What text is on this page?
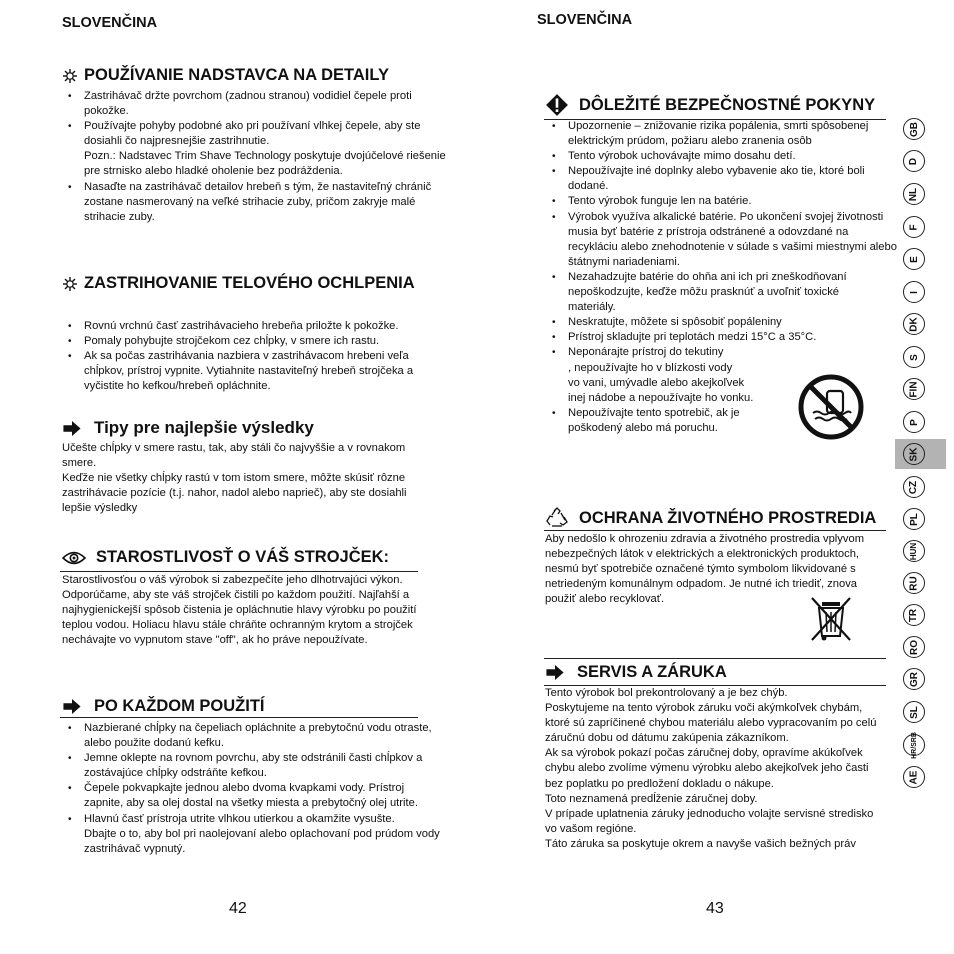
SLOVENČINA
POUŽÍVANIE NADSTAVCA NA DETAILY
• Zastrihávač držte povrchom (zadnou stranou) vodidiel čepele proti pokožke.
• Používajte pohyby podobné ako pri používaní vlhkej čepele, aby ste dosiahli čo najpresnejšie zastrihnutie.
Pozn.: Nadstavec Trim Shave Technology poskytuje dvojúčelové riešenie pre strnisko alebo hladké oholenie bez podráždenia.
• Nasaďte na zastrihávač detailov hrebeň s tým, že nastaviteľný chránič zostane nasmerovaný na veľké strihacie zuby, pričom zakryje malé strihacie zuby.
ZASTRIHOVANIE TELOVÉHO OCHLPENIA
• Rovnú vrchnú časť zastrihávacieho hrebeňa priložte k pokožke.
• Pomaly pohybujte strojčekom cez chĺpky, v smere ich rastu.
• Ak sa počas zastrihávania nazbiera v zastrihávacom hrebeni veľa chĺpkov, prístroj vypnite. Vytiahnite nastaviteľný hrebeň strojčeka a vyčistite ho kefkou/hrebeň opláchnite.
Tipy pre najlepšie výsledky
Učešte chĺpky v smere rastu, tak, aby stáli čo najvyššie a v rovnakom smere.
Keďže nie všetky chĺpky rastú v tom istom smere, môžte skúsiť rôzne zastrihávacie pozície (t.j. nahor, nadol alebo naprieč), aby ste dosiahli lepšie výsledky
STAROSTLIVOSŤ O VÁŠ STROJČEK:
Starostlivosťou o váš výrobok si zabezpečíte jeho dlhotrvajúci výkon. Odporúčame, aby ste váš strojček čistili po každom použití. Najľahší a najhygienickejší spôsob čistenia je opláchnutie hlavy výrobku po použití teplou vodou. Holiacu hlavu stále chráňte ochranným krytom a strojček nechávajte vo vypnutom stave "off", ak ho práve nepoužívate.
PO KAŽDOM POUŽITÍ
• Nazbierané chĺpky na čepeliach opláchnite a prebytočnú vodu otraste, alebo použite dodanú kefku.
• Jemne oklepte na rovnom povrchu, aby ste odstránili časti chĺpkov a zostávajúce chĺpky odstráňte kefkou.
• Čepele pokvapkajte jednou alebo dvoma kvapkami vody. Prístroj zapnite, aby sa olej dostal na všetky miesta a prebytočný olej utrite.
• Hlavnú časť prístroja utrite vlhkou utierkou a okamžite vysušte.
Dbajte o to, aby bol pri naolejovaní alebo oplachovaní pod prúdom vody zastrihávač vypnutý.
42
SLOVENČINA
DÔLEŽITÉ BEZPEČNOSTNÉ POKYNY
• Upozornenie – znižovanie rizika popálenia, smrti spôsobenej elektrickým prúdom, požiaru alebo zranenia osôb
• Tento výrobok uchovávajte mimo dosahu detí.
• Nepoužívajte iné doplnky alebo vybavenie ako tie, ktoré boli dodané.
• Tento výrobok funguje len na batérie.
• Výrobok využíva alkalické batérie. Po ukončení svojej životnosti musia byť batérie z prístroja odstránené a odovzdané na recykláciu alebo znehodnotenie v súlade s vašimi miestnymi alebo štátnymi nariadeniami.
• Nezahadzujte batérie do ohňa ani ich pri zneškodňovaní nepoškodzujte, keďže môžu prasknúť a uvoľniť toxické materiály.
• Neskratujte, môžete si spôsobiť popáleniny
• Prístroj skladujte pri teplotách medzi 15°C a 35°C.
• Neponárajte prístroj do tekutiny
, nepoužívajte ho v blízkosti vody
vo vani, umývadle alebo akejkoľvek
inej nádobe a nepoužívajte ho vonku.
• Nepoužívajte tento spotrebič, ak je poškodený alebo má poruchu.
OCHRANA ŽIVOTNÉHO PROSTREDIA
Aby nedošlo k ohrozeniu zdravia a životného prostredia vplyvom nebezpečných látok v elektrických a elektronických produktoch, nesmú byť spotrebiče označené týmto symbolom likvidované s netriedeným komunálnym odpadom. Je nutné ich triediť, znova použiť alebo recyklovať.
SERVIS A ZÁRUKA
Tento výrobok bol prekontrolovaný a je bez chýb.
Poskytujeme na tento výrobok záruku voči akýmkoľvek chybám, ktoré sú zapríčinené chybou materiálu alebo vypracovaním po celú záručnú dobu od dátumu zakúpenia zákazníkom.
Ak sa výrobok pokazí počas záručnej doby, opravíme akúkoľvek chybu alebo zvolíme výmenu výrobku alebo akejkoľvek jeho časti bez poplatku po predložení dokladu o nákupe.
Toto neznamená predĺženie záručnej doby.
V prípade uplatnenia záruky jednoducho volajte servisné stredisko vo vašom regióne.
Táto záruka sa poskytuje okrem a navyše vašich bežných práv
43
GB
D
NL
F
E
I
DK
S
FIN
P
SK
CZ
PL
HUN
RU
TR
RO
GR
SL
HR/SRB
AE
